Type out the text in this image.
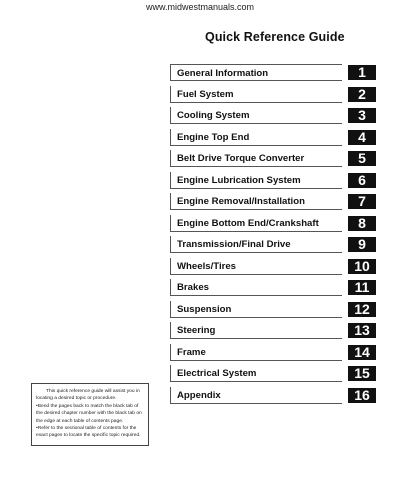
www.midwestmanuals.com
Quick Reference Guide
General Information	1
Fuel System	2
Cooling System	3
Engine Top End	4
Belt Drive Torque Converter	5
Engine Lubrication System	6
Engine Removal/Installation	7
Engine Bottom End/Crankshaft	8
Transmission/Final Drive	9
Wheels/Tires	10
Brakes	11
Suspension	12
Steering	13
Frame	14
Electrical System	15
Appendix	16
This quick reference guide will assist you in locating a desired topic or procedure.
•Bend the pages back to match the black tab of the desired chapter number with the black tab on the edge at each table of contents page.
•Refer to the sectional table of contents for the exact pages to locate the specific topic required.
